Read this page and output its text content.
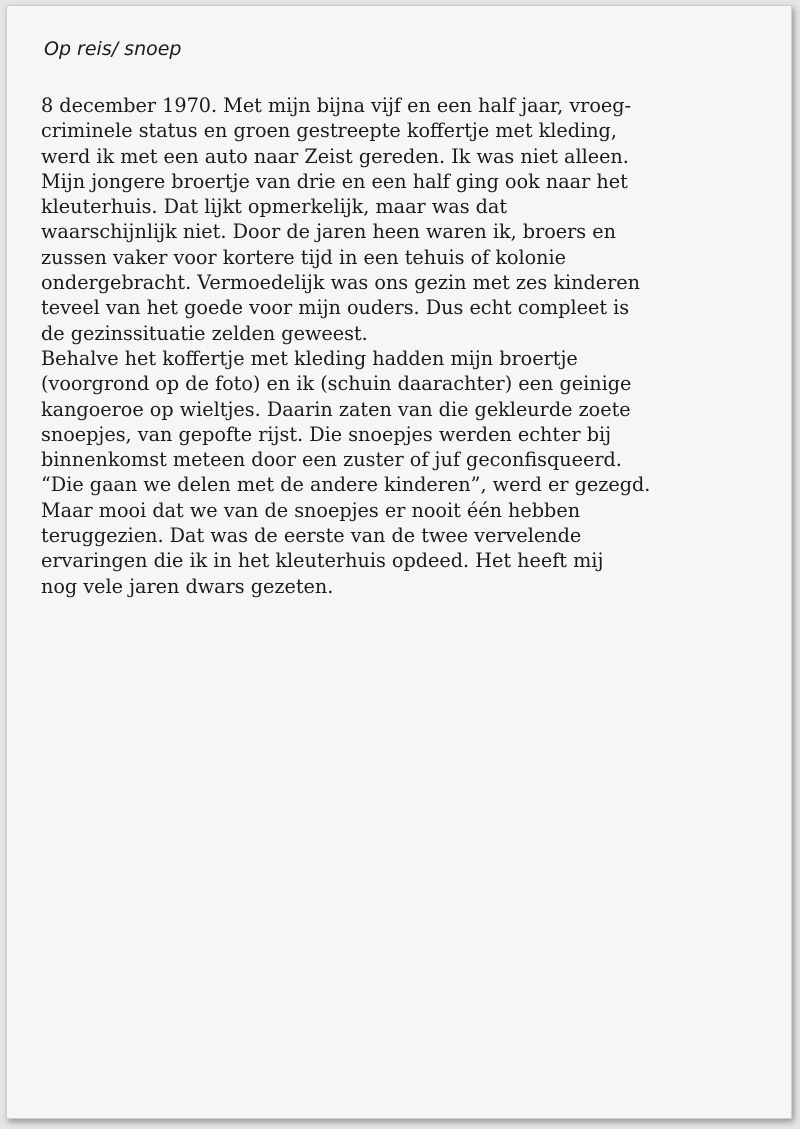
Op reis/ snoep
8 december 1970. Met mijn bijna vijf en een half jaar, vroeg-
criminele status en groen gestreepte koffertje met kleding,
werd ik met een auto naar Zeist gereden. Ik was niet alleen.
Mijn jongere broertje van drie en een half ging ook naar het
kleuterhuis. Dat lijkt opmerkelijk, maar was dat
waarschijnlijk niet. Door de jaren heen waren ik, broers en
zussen vaker voor kortere tijd in een tehuis of kolonie
ondergebracht. Vermoedelijk was ons gezin met zes kinderen
teveel van het goede voor mijn ouders. Dus echt compleet is
de gezinssituatie zelden geweest.
Behalve het koffertje met kleding hadden mijn broertje
(voorgrond op de foto) en ik (schuin daarachter) een geinige
kangoeroe op wieltjes. Daarin zaten van die gekleurde zoete
snoepjes, van gepofte rijst. Die snoepjes werden echter bij
binnenkomst meteen door een zuster of juf geconfisqueerd.
“Die gaan we delen met de andere kinderen”, werd er gezegd.
Maar mooi dat we van de snoepjes er nooit één hebben
teruggezien. Dat was de eerste van de twee vervelende
ervaringen die ik in het kleuterhuis opdeed. Het heeft mij
nog vele jaren dwars gezeten.
